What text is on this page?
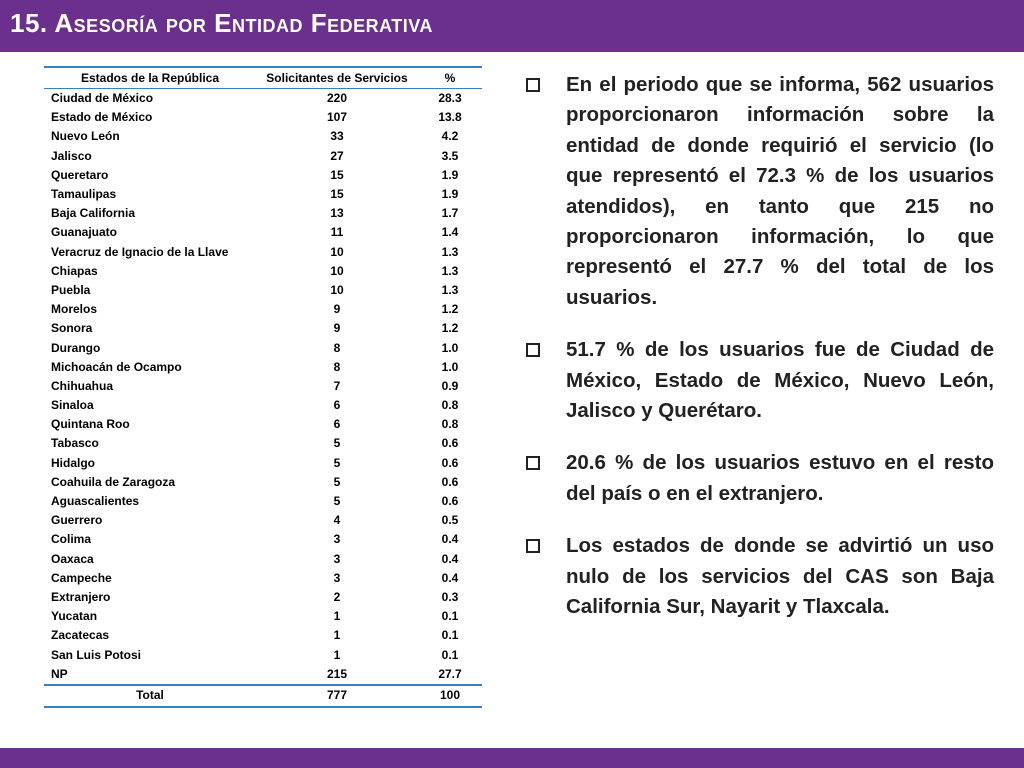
15. Asesoría por Entidad Federativa
Estados de la República	Solicitantes de Servicios	%
Ciudad de México	220	28.3
Estado de México	107	13.8
Nuevo León	33	4.2
Jalisco	27	3.5
Queretaro	15	1.9
Tamaulipas	15	1.9
Baja California	13	1.7
Guanajuato	11	1.4
Veracruz de Ignacio de la Llave	10	1.3
Chiapas	10	1.3
Puebla	10	1.3
Morelos	9	1.2
Sonora	9	1.2
Durango	8	1.0
Michoacán de Ocampo	8	1.0
Chihuahua	7	0.9
Sinaloa	6	0.8
Quintana Roo	6	0.8
Tabasco	5	0.6
Hidalgo	5	0.6
Coahuila de Zaragoza	5	0.6
Aguascalientes	5	0.6
Guerrero	4	0.5
Colima	3	0.4
Oaxaca	3	0.4
Campeche	3	0.4
Extranjero	2	0.3
Yucatan	1	0.1
Zacatecas	1	0.1
San Luis Potosi	1	0.1
NP	215	27.7
Total	777	100
En el periodo que se informa, 562 usuarios proporcionaron información sobre la entidad de donde requirió el servicio (lo que representó el 72.3 % de los usuarios atendidos), en tanto que 215 no proporcionaron información, lo que representó el 27.7 % del total de los usuarios.
51.7 % de los usuarios fue de Ciudad de México, Estado de México, Nuevo León, Jalisco y Querétaro.
20.6 % de los usuarios estuvo en el resto del país o en el extranjero.
Los estados de donde se advirtió un uso nulo de los servicios del CAS son Baja California Sur, Nayarit y Tlaxcala.
